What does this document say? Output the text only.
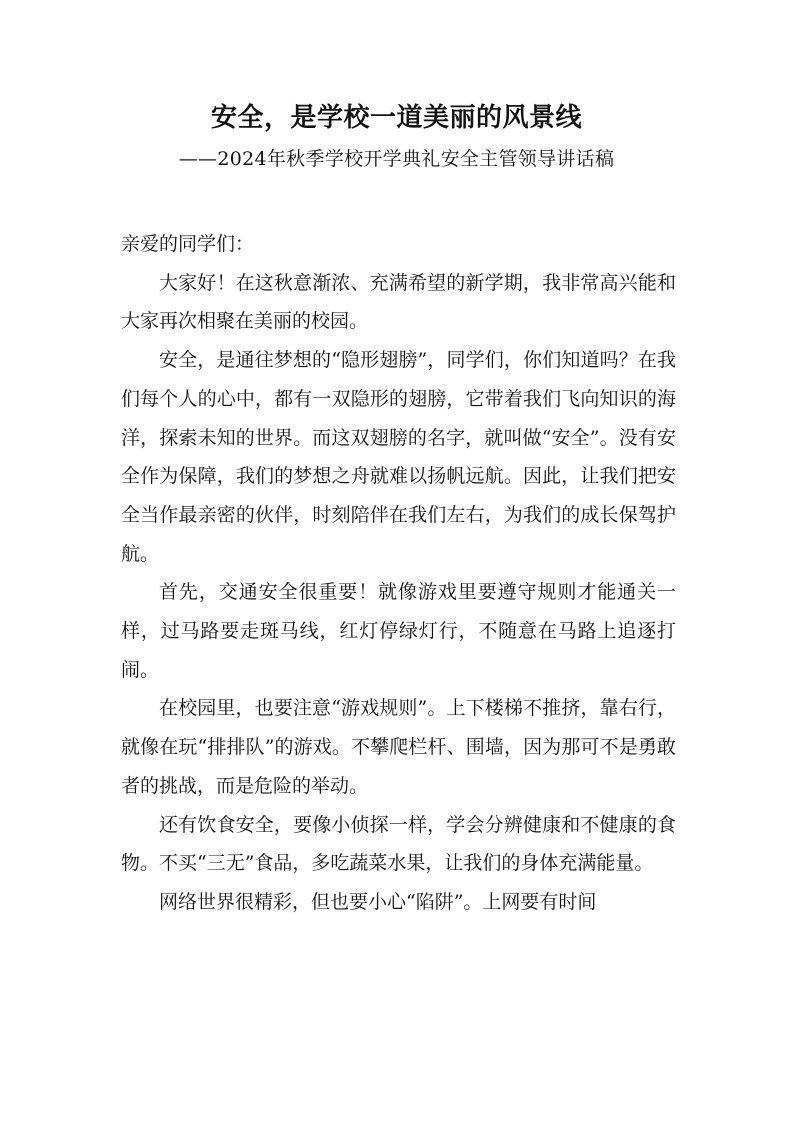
安全，是学校一道美丽的风景线
——2024年秋季学校开学典礼安全主管领导讲话稿

亲爱的同学们：

大家好！在这秋意渐浓、充满希望的新学期，我非常高兴能和大家再次相聚在美丽的校园。

安全，是通往梦想的“隐形翅膀”，同学们，你们知道吗？在我们每个人的心中，都有一双隐形的翅膀，它带着我们飞向知识的海洋，探索未知的世界。而这双翅膀的名字，就叫做“安全”。没有安全作为保障，我们的梦想之舟就难以扬帆远航。因此，让我们把安全当作最亲密的伙伴，时刻陪伴在我们左右，为我们的成长保驾护航。

首先，交通安全很重要！就像游戏里要遵守规则才能通关一样，过马路要走斑马线，红灯停绿灯行，不随意在马路上追逐打闹。

在校园里，也要注意“游戏规则”。上下楼梯不推挤，靠右行，就像在玩“排排队”的游戏。不攀爬栏杆、围墙，因为那可不是勇敢者的挑战，而是危险的举动。

还有饮食安全，要像小侦探一样，学会分辨健康和不健康的食物。不买“三无”食品，多吃蔬菜水果，让我们的身体充满能量。

网络世界很精彩，但也要小心“陷阱”。上网要有时间
